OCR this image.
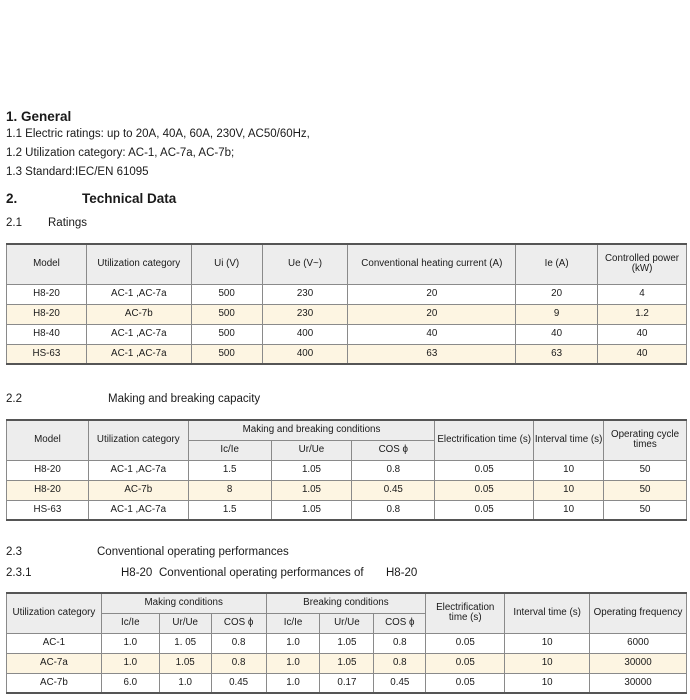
1. General
1.1 Electric ratings: up to 20A, 40A, 60A, 230V, AC50/60Hz,
1.2 Utilization category: AC-1, AC-7a, AC-7b;
1.3 Standard:IEC/EN 61095
2.	Technical Data
2.1 Ratings
Model	Utilization category	Ui (V)	Ue (V~)	Conventional heating current (A)	Ie (A)	Controlled power (kW)
H8-20	AC-1 ,AC-7a	500	230	20	20	4
H8-20	AC-7b	500	230	20	9	1.2
H8-40	AC-1 ,AC-7a	500	400	40	40	40
HS-63	AC-1 ,AC-7a	500	400	63	63	40
2.2	Making and breaking capacity
Model	Utilization category	Making and breaking conditions			Electrification time (s)	Interval time (s)	Operating cycle times
		Ic/Ie	Ur/Ue	COS ϕ			
H8-20	AC-1 ,AC-7a	1.5	1.05	0.8	0.05	10	50
H8-20	AC-7b	8	1.05	0.45	0.05	10	50
HS-63	AC-1 ,AC-7a	1.5	1.05	0.8	0.05	10	50
2.3	Conventional operating performances
2.3.1	H8-20 Conventional operating performances of H8-20
Utilization category	Making conditions			Breaking conditions			Electrification time (s)	Interval time (s)	Operating frequency
	Ic/Ie	Ur/Ue	COS ϕ	Ic/Ie	Ur/Ue	COS ϕ			
AC-1	1.0	1. 05	0.8	1.0	1.05	0.8	0.05	10	6000
AC-7a	1.0	1.05	0.8	1.0	1.05	0.8	0.05	10	30000
AC-7b	6.0	1.0	0.45	1.0	0.17	0.45	0.05	10	30000
